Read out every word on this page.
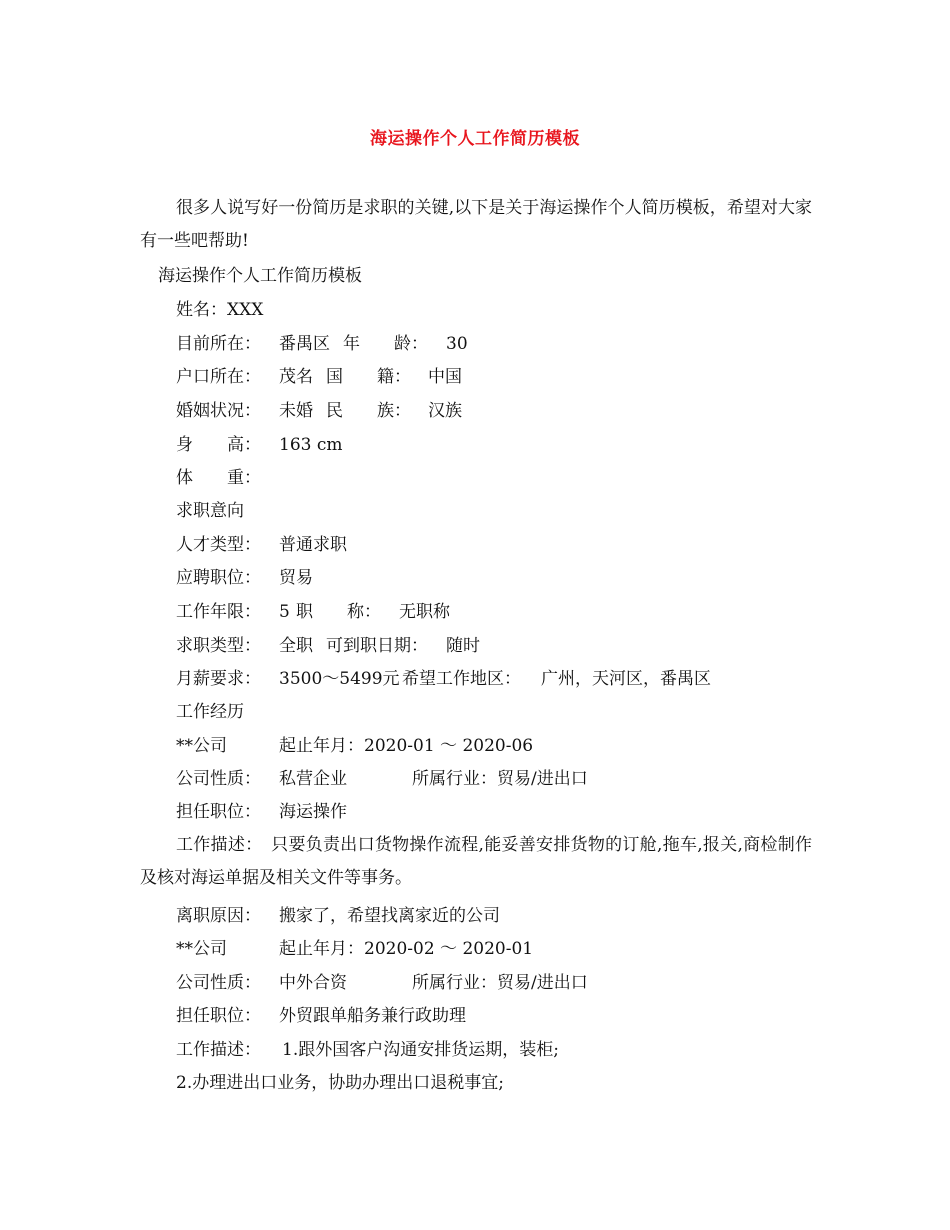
海运操作个人工作简历模板
很多人说写好一份简历是求职的关键,以下是关于海运操作个人简历模板，希望对大家有一些吧帮助!
海运操作个人工作简历模板
姓名：XXX
目前所在： 番禺区 年　　龄： 30
户口所在： 茂名 国　　籍： 中国
婚姻状况： 未婚 民　　族： 汉族
身　　高： 163 cm
体　　重：
求职意向
人才类型： 普通求职
应聘职位： 贸易
工作年限： 5 职　　称： 无职称
求职类型： 全职 可到职日期： 随时
月薪要求： 3500～5499元 希望工作地区： 广州，天河区，番禺区
工作经历
**公司	起止年月：2020-01 ～ 2020-06
公司性质： 私营企业	所属行业：贸易/进出口
担任职位： 海运操作
工作描述：　只要负责出口货物操作流程,能妥善安排货物的订舱,拖车,报关,商检制作及核对海运单据及相关文件等事务。
离职原因： 搬家了，希望找离家近的公司
**公司	起止年月：2020-02 ～ 2020-01
公司性质： 中外合资	所属行业：贸易/进出口
担任职位： 外贸跟单船务兼行政助理
工作描述： 1.跟外国客户沟通安排货运期，装柜;
2.办理进出口业务，协助办理出口退税事宜;
